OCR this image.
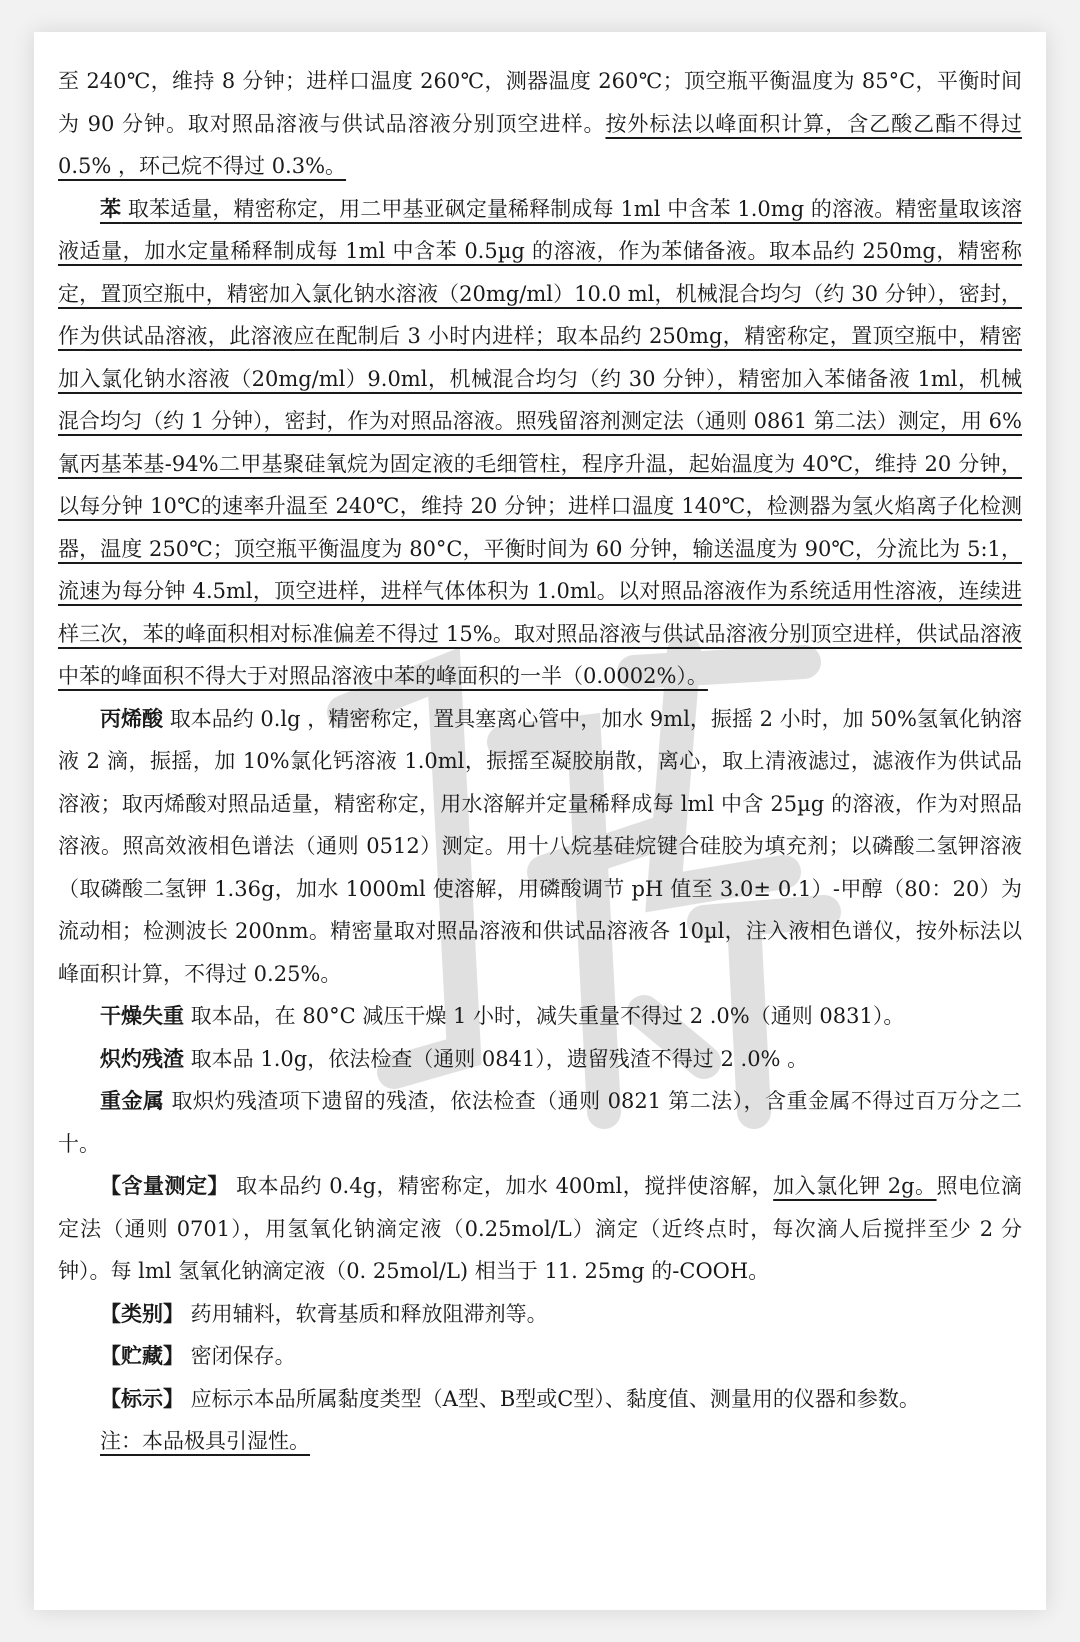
至 240℃，维持 8 分钟；进样口温度 260℃，测器温度 260℃；顶空瓶平衡温度为 85°C，平衡时间为 90 分钟。取对照品溶液与供试品溶液分别顶空进样。按外标法以峰面积计算，含乙酸乙酯不得过 0.5% ，环己烷不得过 0.3%。

苯 取苯适量，精密称定，用二甲基亚砜定量稀释制成每 1ml 中含苯 1.0mg 的溶液。精密量取该溶液适量，加水定量稀释制成每 1ml 中含苯 0.5µg 的溶液，作为苯储备液。取本品约 250mg，精密称定，置顶空瓶中，精密加入氯化钠水溶液（20mg/ml）10.0 ml，机械混合均匀（约 30 分钟），密封，作为供试品溶液，此溶液应在配制后 3 小时内进样；取本品约 250mg，精密称定，置顶空瓶中，精密加入氯化钠水溶液（20mg/ml）9.0ml，机械混合均匀（约 30 分钟），精密加入苯储备液 1ml，机械混合均匀（约 1 分钟），密封，作为对照品溶液。照残留溶剂测定法（通则 0861 第二法）测定，用 6%氰丙基苯基-94%二甲基聚硅氧烷为固定液的毛细管柱，程序升温，起始温度为 40℃，维持 20 分钟，以每分钟 10℃的速率升温至 240℃，维持 20 分钟；进样口温度 140℃，检测器为氢火焰离子化检测器，温度 250℃；顶空瓶平衡温度为 80°C，平衡时间为 60 分钟，输送温度为 90℃，分流比为 5:1，流速为每分钟 4.5ml，顶空进样，进样气体体积为 1.0ml。以对照品溶液作为系统适用性溶液，连续进样三次，苯的峰面积相对标准偏差不得过 15%。取对照品溶液与供试品溶液分别顶空进样，供试品溶液中苯的峰面积不得大于对照品溶液中苯的峰面积的一半（0.0002%）。

丙烯酸 取本品约 0.lg ，精密称定，置具塞离心管中，加水 9ml，振摇 2 小时，加 50%氢氧化钠溶液 2 滴，振摇，加 10%氯化钙溶液 1.0ml，振摇至凝胶崩散，离心，取上清液滤过，滤液作为供试品溶液；取丙烯酸对照品适量，精密称定，用水溶解并定量稀释成每 lml 中含 25µg 的溶液，作为对照品溶液。照高效液相色谱法（通则 0512）测定。用十八烷基硅烷键合硅胶为填充剂；以磷酸二氢钾溶液（取磷酸二氢钾 1.36g，加水 1000ml 使溶解，用磷酸调节 pH 值至 3.0± 0.1）-甲醇（80：20）为流动相；检测波长 200nm。精密量取对照品溶液和供试品溶液各 10µl，注入液相色谱仪，按外标法以峰面积计算，不得过 0.25%。

干燥失重 取本品，在 80°C 减压干燥 1 小时，减失重量不得过 2 .0%（通则 0831）。

炽灼残渣 取本品 1.0g，依法检查（通则 0841），遗留残渣不得过 2 .0% 。

重金属 取炽灼残渣项下遗留的残渣，依法检查（通则 0821 第二法），含重金属不得过百万分之二十。

【含量测定】 取本品约 0.4g，精密称定，加水 400ml，搅拌使溶解，加入氯化钾 2g。照电位滴定法（通则 0701），用氢氧化钠滴定液（0.25mol/L）滴定（近终点时，每次滴人后搅拌至少 2 分钟）。每 lml 氢氧化钠滴定液（0. 25mol/L) 相当于 11. 25mg 的-COOH。

【类别】 药用辅料，软膏基质和释放阻滞剂等。

【贮藏】 密闭保存。

【标示】 应标示本品所属黏度类型（A型、B型或C型）、黏度值、测量用的仪器和参数。

注：本品极具引湿性。
